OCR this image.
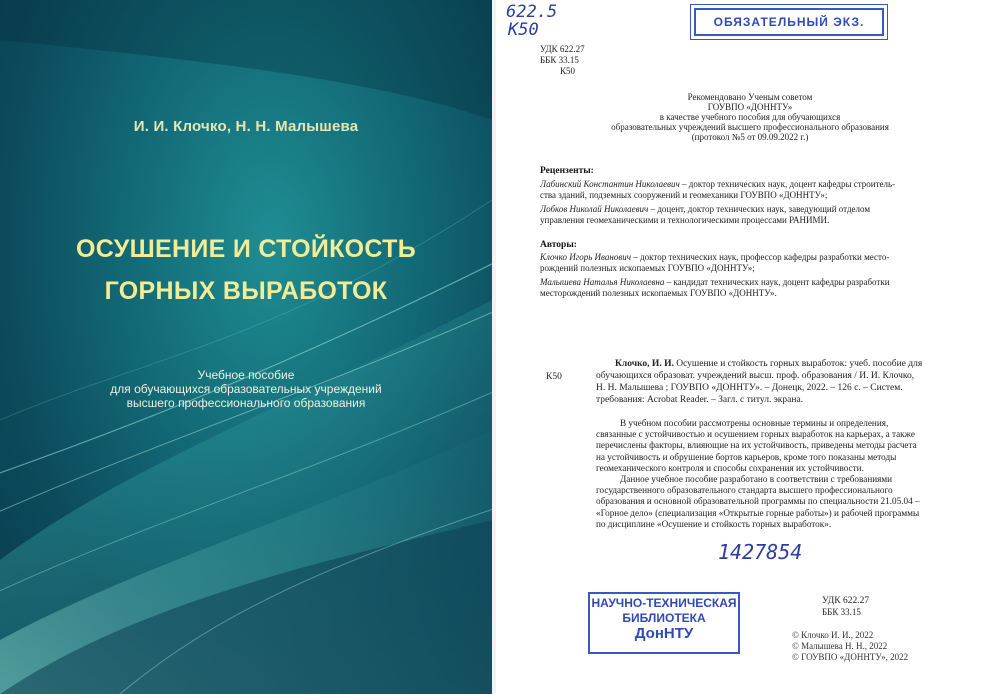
И. И. Клочко, Н. Н. Малышева
ОСУШЕНИЕ И СТОЙКОСТЬ
ГОРНЫХ ВЫРАБОТОК
Учебное пособие
для обучающихся образовательных учреждений
высшего профессионального образования
622.5
К50	ОБЯЗАТЕЛЬНЫЙ ЭКЗ.
УДК 622.27
ББК 33.15
К50
Рекомендовано Ученым советом
ГОУВПО «ДОННТУ»
в качестве учебного пособия для обучающихся
образовательных учреждений высшего профессионального образования
(протокол №5 от 09.09.2022 г.)
Рецензенты:
Лабинский Константин Николаевич – доктор технических наук, доцент кафедры строитель-
ства зданий, подземных сооружений и геомеханики ГОУВПО «ДОННТУ»;
Лобков Николай Николаевич – доцент, доктор технических наук, заведующий отделом
управления геомеханическими и технологическими процессами РАНИМИ.
Авторы:
Клочко Игорь Иванович – доктор технических наук, профессор кафедры разработки место-
рождений полезных ископаемых ГОУВПО «ДОННТУ»;
Малышева Наталья Николаевна – кандидат технических наук, доцент кафедры разработки
месторождений полезных ископаемых ГОУВПО «ДОННТУ».
К50
  Клочко, И. И. Осушение и стойкость горных выработок: учеб. пособие для
обучающихся образоват. учреждений высш. проф. образования / И. И. Клочко,
Н. Н. Малышева ; ГОУВПО «ДОННТУ». – Донецк, 2022. – 126 с. – Систем.
требования: Acrobat Reader. – Загл. с титул. экрана.
В учебном пособии рассмотрены основные термины и определения,
связанные с устойчивостью и осушением горных выработок на карьерах, а также
перечислены факторы, влияющие на их устойчивость, приведены методы расчета
на устойчивость и обрушение бортов карьеров, кроме того показаны методы
геомеханического контроля и способы сохранения их устойчивости.
Данное учебное пособие разработано в соответствии с требованиями
государственного образовательного стандарта высшего профессионального
образования и основной образовательной программы по специальности 21.05.04 –
«Горное дело» (специализация «Открытые горные работы») и рабочей программы
по дисциплине «Осушение и стойкость горных выработок».
1427854
НАУЧНО-ТЕХНИЧЕСКАЯ
БИБЛИОТЕКА
ДонНТУ
УДК 622.27
ББК 33.15
© Клочко И. И., 2022
© Малышева Н. Н., 2022
© ГОУВПО «ДОННТУ», 2022
